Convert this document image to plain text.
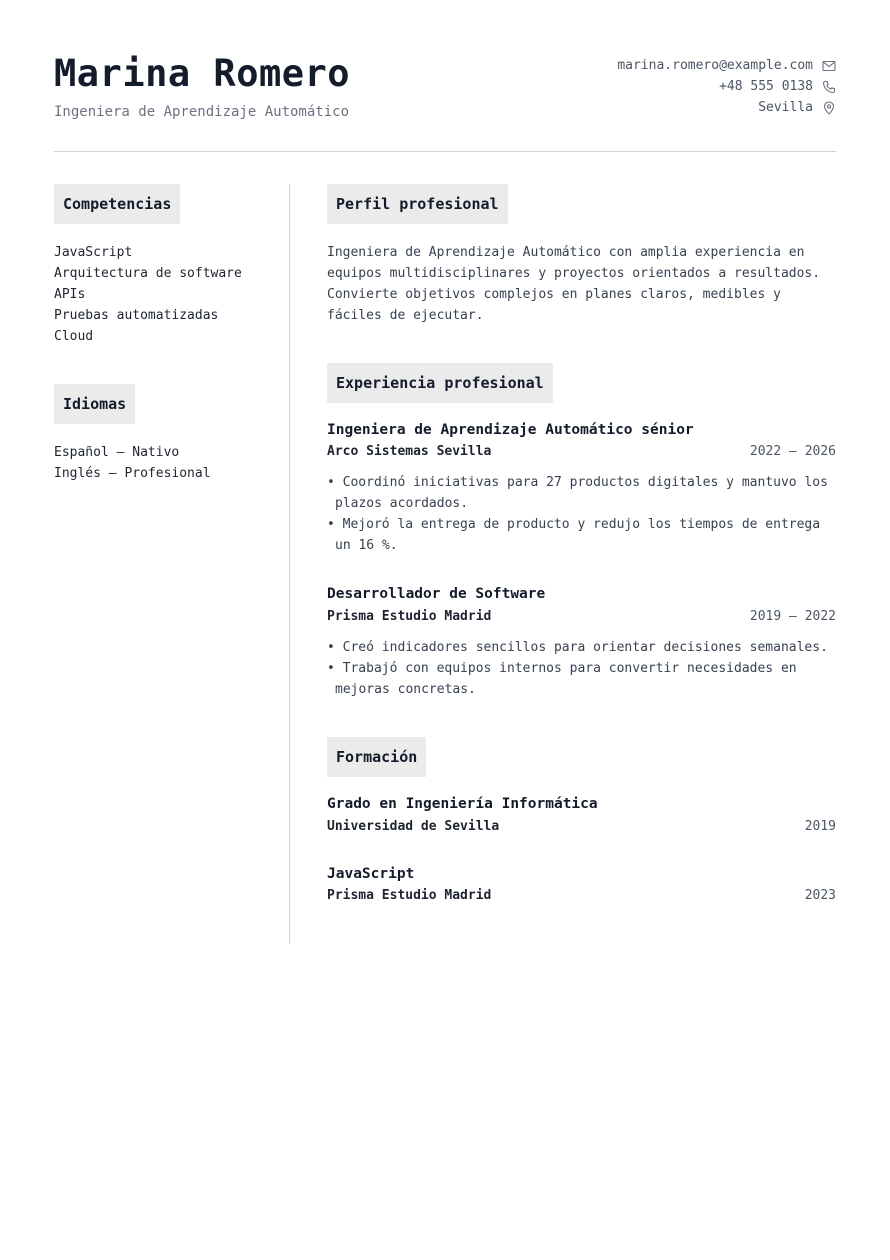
Marina Romero
Ingeniera de Aprendizaje Automático
marina.romero@example.com
+48 555 0138
Sevilla
Competencias
JavaScript
Arquitectura de software
APIs
Pruebas automatizadas
Cloud
Idiomas
Español — Nativo
Inglés — Profesional
Perfil profesional
Ingeniera de Aprendizaje Automático con amplia experiencia en
equipos multidisciplinares y proyectos orientados a resultados.
Convierte objetivos complejos en planes claros, medibles y
fáciles de ejecutar.
Experiencia profesional
Ingeniera de Aprendizaje Automático sénior
Arco Sistemas Sevilla	2022 — 2026
• Coordinó iniciativas para 27 productos digitales y mantuvo los
plazos acordados.
• Mejoró la entrega de producto y redujo los tiempos de entrega
un 16 %.
Desarrollador de Software
Prisma Estudio Madrid	2019 — 2022
• Creó indicadores sencillos para orientar decisiones semanales.
• Trabajó con equipos internos para convertir necesidades en
mejoras concretas.
Formación
Grado en Ingeniería Informática
Universidad de Sevilla	2019
JavaScript
Prisma Estudio Madrid	2023
